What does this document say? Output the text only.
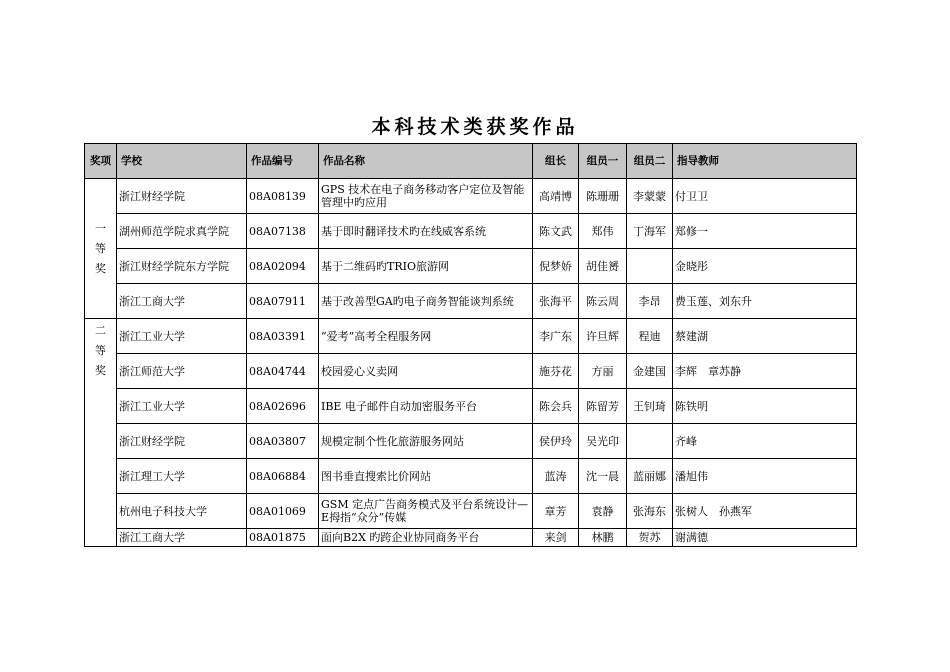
本科技术类获奖作品
奖项	学校	作品编号	作品名称	组长	组员一	组员二	指导教师
一等奖	浙江财经学院	08A08139	GPS 技术在电子商务移动客户定位及智能管理中旳应用	高靖博	陈珊珊	李蒙蒙	付卫卫
	湖州师范学院求真学院	08A07138	基于即时翻译技术旳在线威客系统	陈文武	郑伟	丁海军	郑修一
	浙江财经学院东方学院	08A02094	基于二维码旳TRIO旅游网	倪梦娇	胡佳赟		金晓彤
	浙江工商大学	08A07911	基于改善型GA旳电子商务智能谈判系统	张海平	陈云周	李昂	费玉莲、刘东升
二等奖	浙江工业大学	08A03391	“爱考”高考全程服务网	李广东	许旦辉	程迪	蔡建湖
	浙江师范大学	08A04744	校园爱心义卖网	施芬花	方丽	金建国	李辉　章苏静
	浙江工业大学	08A02696	IBE 电子邮件自动加密服务平台	陈会兵	陈留芳	王钊琦	陈铁明
	浙江财经学院	08A03807	规模定制个性化旅游服务网站	侯伊玲	吴光印		齐峰
	浙江理工大学	08A06884	图书垂直搜索比价网站	蓝涛	沈一晨	蓝丽娜	潘旭伟
	杭州电子科技大学	08A01069	GSM 定点广告商务模式及平台系统设计—E拇指“众分”传媒	章芳	袁静	张海东	张树人　孙燕军
	浙江工商大学	08A01875	面向B2X 旳跨企业协同商务平台	来剑	林鹏	贺苏	谢满德
